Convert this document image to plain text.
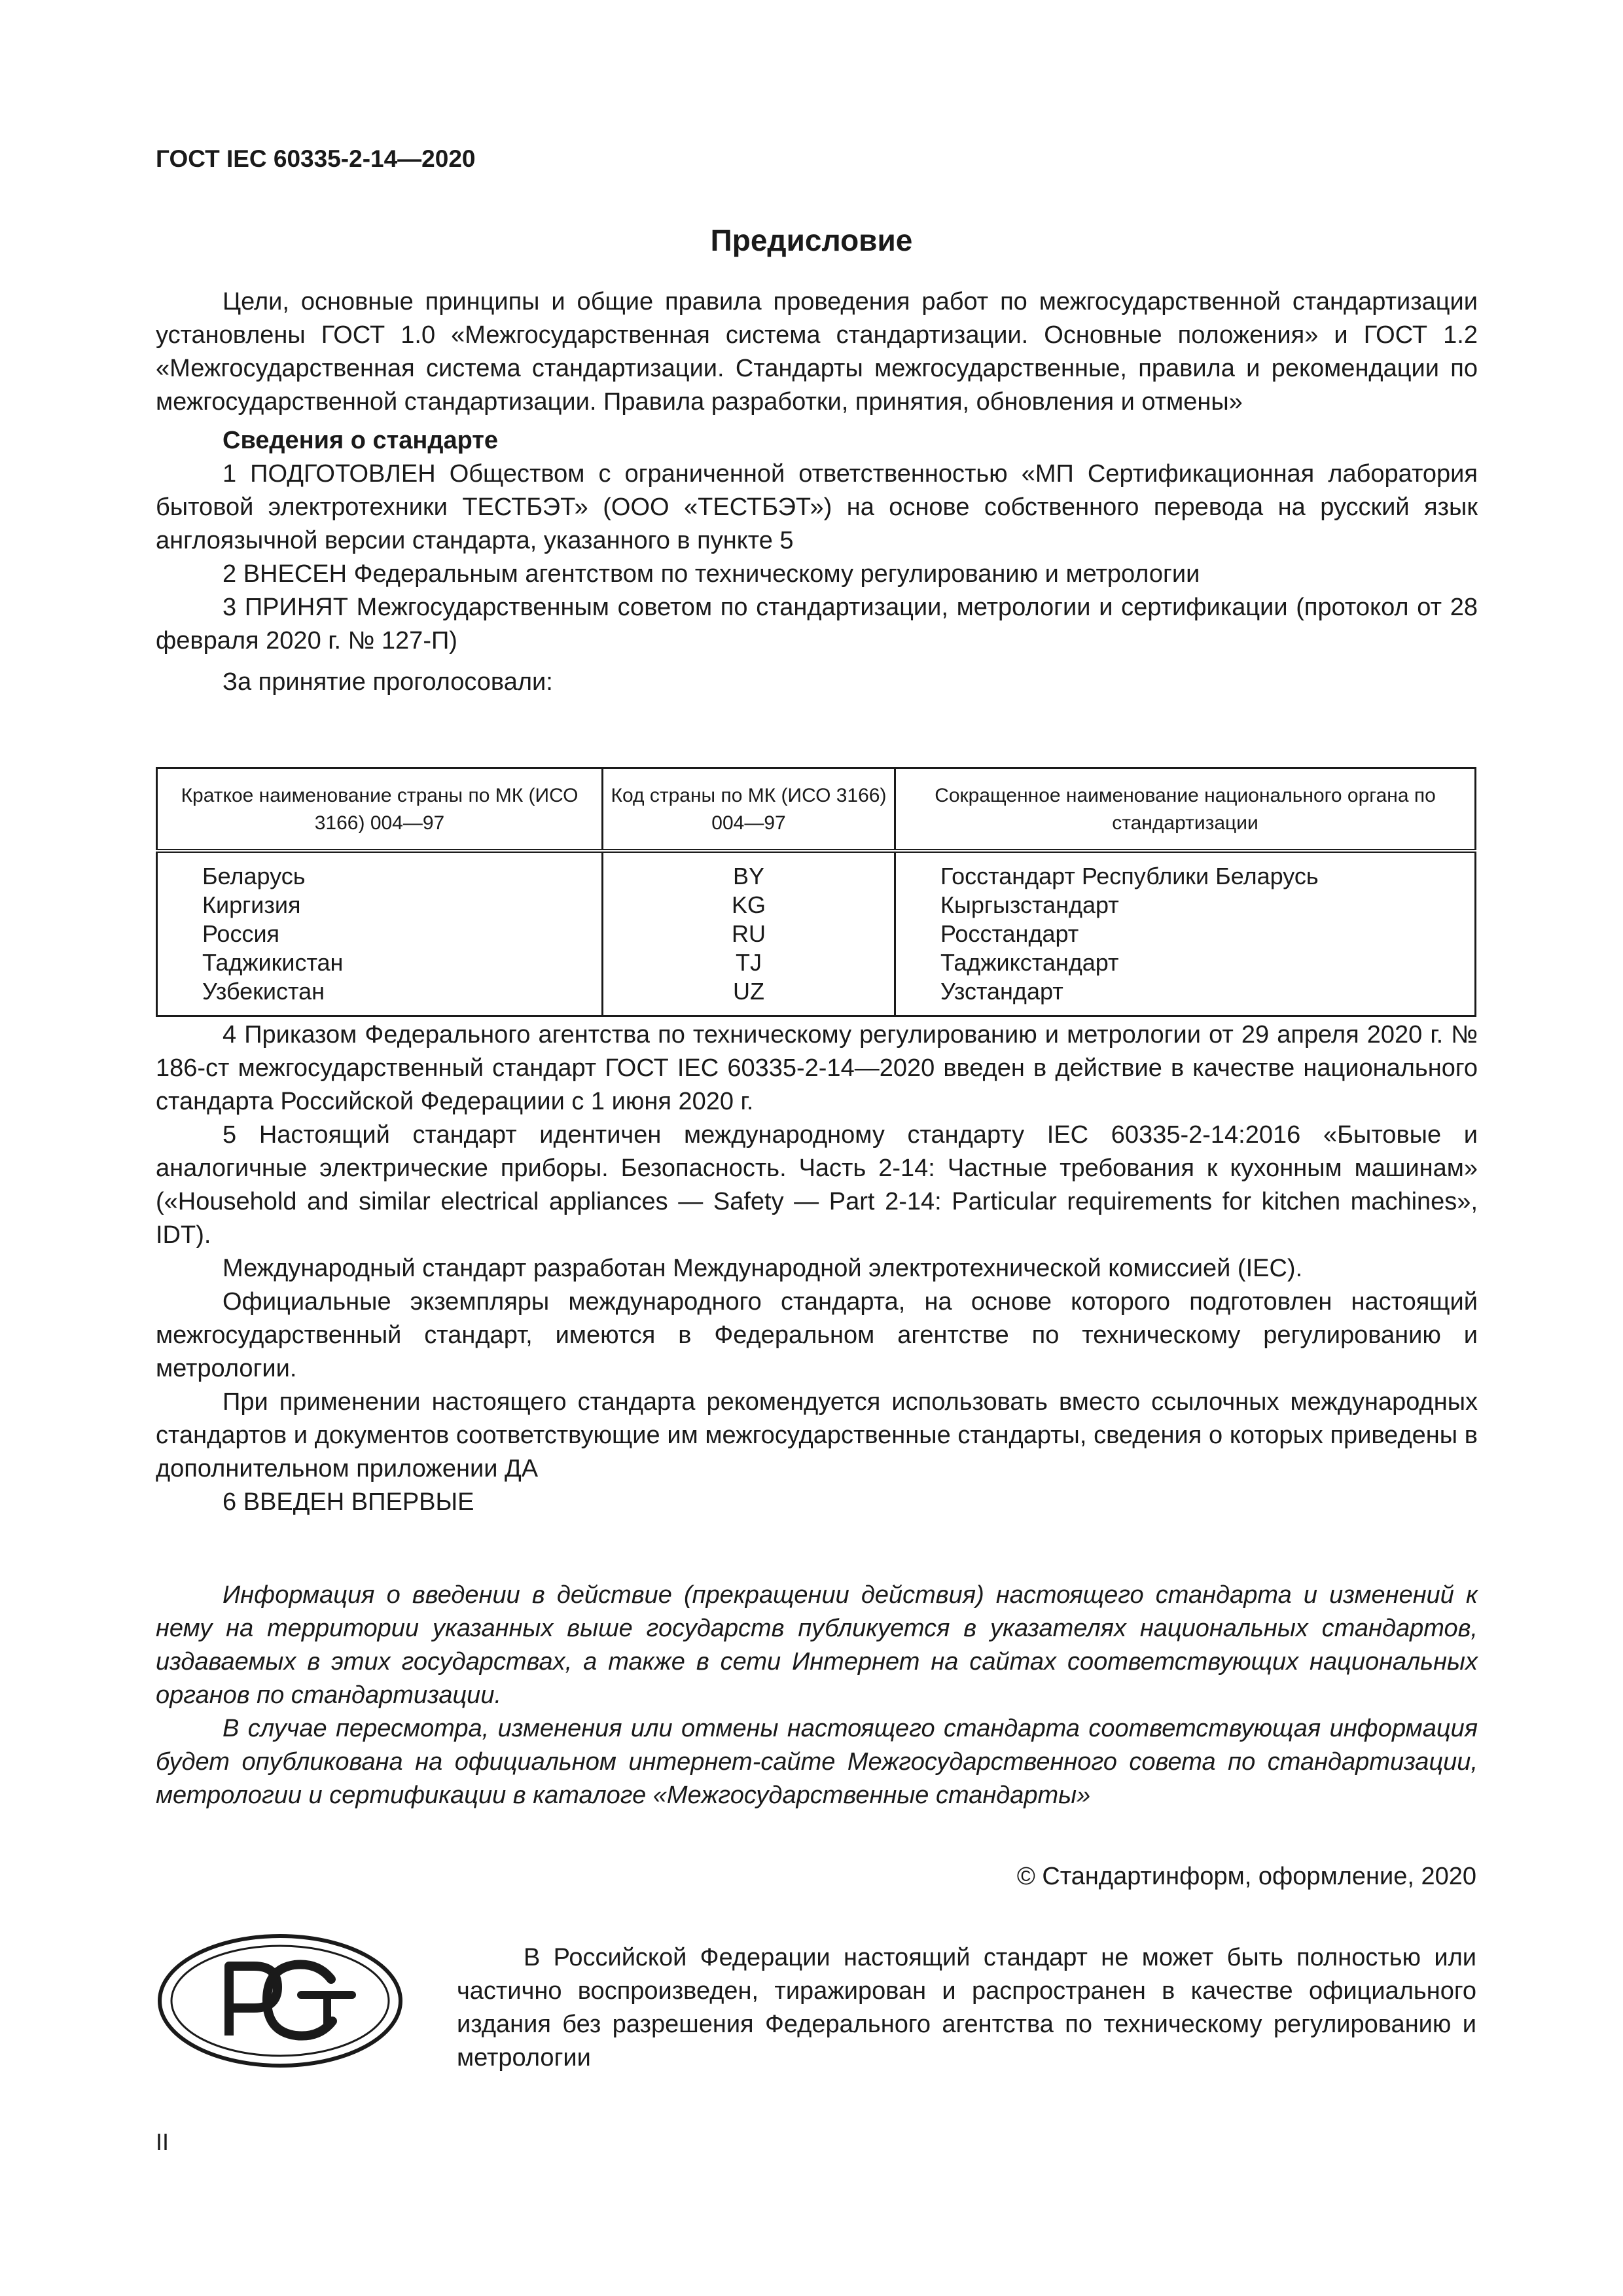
ГОСТ IEC 60335-2-14—2020
Предисловие

Цели, основные принципы и общие правила проведения работ по межгосударственной стандартизации установлены ГОСТ 1.0 «Межгосударственная система стандартизации. Основные положения» и ГОСТ 1.2 «Межгосударственная система стандартизации. Стандарты межгосударственные, правила и рекомендации по межгосударственной стандартизации. Правила разработки, принятия, обновления и отмены»

Сведения о стандарте

1 ПОДГОТОВЛЕН Обществом с ограниченной ответственностью «МП Сертификационная лаборатория бытовой электротехники ТЕСТБЭТ» (ООО «ТЕСТБЭТ») на основе собственного перевода на русский язык англоязычной версии стандарта, указанного в пункте 5

2 ВНЕСЕН Федеральным агентством по техническому регулированию и метрологии

3 ПРИНЯТ Межгосударственным советом по стандартизации, метрологии и сертификации (протокол от 28 февраля 2020 г. № 127-П)

За принятие проголосовали:

Краткое наименование страны по МК (ИСО 3166) 004—97	Код страны по МК (ИСО 3166) 004—97	Сокращенное наименование национального органа по стандартизации
Беларусь	BY	Госстандарт Республики Беларусь
Киргизия	KG	Кыргызстандарт
Россия	RU	Росстандарт
Таджикистан	TJ	Таджикстандарт
Узбекистан	UZ	Узстандарт

4 Приказом Федерального агентства по техническому регулированию и метрологии от 29 апреля 2020 г. № 186-ст межгосударственный стандарт ГОСТ IEC 60335-2-14—2020 введен в действие в качестве национального стандарта Российской Федерациии с 1 июня 2020 г.

5 Настоящий стандарт идентичен международному стандарту IEC 60335-2-14:2016 «Бытовые и аналогичные электрические приборы. Безопасность. Часть 2-14: Частные требования к кухонным машинам» («Household and similar electrical appliances — Safety — Part 2-14: Particular requirements for kitchen machines», IDT).

Международный стандарт разработан Международной электротехнической комиссией (IEC).

Официальные экземпляры международного стандарта, на основе которого подготовлен настоящий межгосударственный стандарт, имеются в Федеральном агентстве по техническому регулированию и метрологии.

При применении настоящего стандарта рекомендуется использовать вместо ссылочных международных стандартов и документов соответствующие им межгосударственные стандарты, сведения о которых приведены в дополнительном приложении ДА

6 ВВЕДЕН ВПЕРВЫЕ

Информация о введении в действие (прекращении действия) настоящего стандарта и изменений к нему на территории указанных выше государств публикуется в указателях национальных стандартов, издаваемых в этих государствах, а также в сети Интернет на сайтах соответствующих национальных органов по стандартизации.

В случае пересмотра, изменения или отмены настоящего стандарта соответствующая информация будет опубликована на официальном интернет-сайте Межгосударственного совета по стандартизации, метрологии и сертификации в каталоге «Межгосударственные стандарты»

© Стандартинформ, оформление, 2020
РСТ

В Российской Федерации настоящий стандарт не может быть полностью или частично воспроизведен, тиражирован и распространен в качестве официального издания без разрешения Федерального агентства по техническому регулированию и метрологии

II
